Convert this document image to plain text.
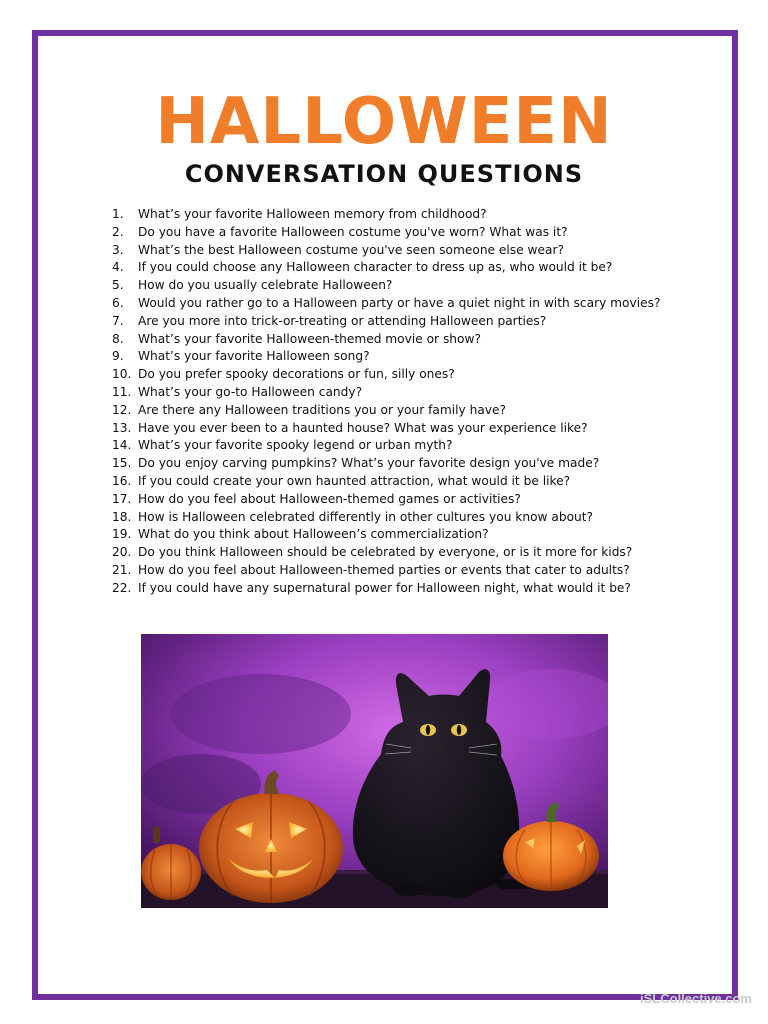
HALLOWEEN
CONVERSATION QUESTIONS
1.	What’s your favorite Halloween memory from childhood?
2.	Do you have a favorite Halloween costume you've worn? What was it?
3.	What’s the best Halloween costume you've seen someone else wear?
4.	If you could choose any Halloween character to dress up as, who would it be?
5.	How do you usually celebrate Halloween?
6.	Would you rather go to a Halloween party or have a quiet night in with scary movies?
7.	Are you more into trick-or-treating or attending Halloween parties?
8.	What’s your favorite Halloween-themed movie or show?
9.	What’s your favorite Halloween song?
10. Do you prefer spooky decorations or fun, silly ones?
11. What’s your go-to Halloween candy?
12. Are there any Halloween traditions you or your family have?
13. Have you ever been to a haunted house? What was your experience like?
14. What’s your favorite spooky legend or urban myth?
15. Do you enjoy carving pumpkins? What’s your favorite design you've made?
16. If you could create your own haunted attraction, what would it be like?
17. How do you feel about Halloween-themed games or activities?
18. How is Halloween celebrated differently in other cultures you know about?
19. What do you think about Halloween’s commercialization?
20. Do you think Halloween should be celebrated by everyone, or is it more for kids?
21. How do you feel about Halloween-themed parties or events that cater to adults?
22. If you could have any supernatural power for Halloween night, what would it be?
iSLCollective.com
